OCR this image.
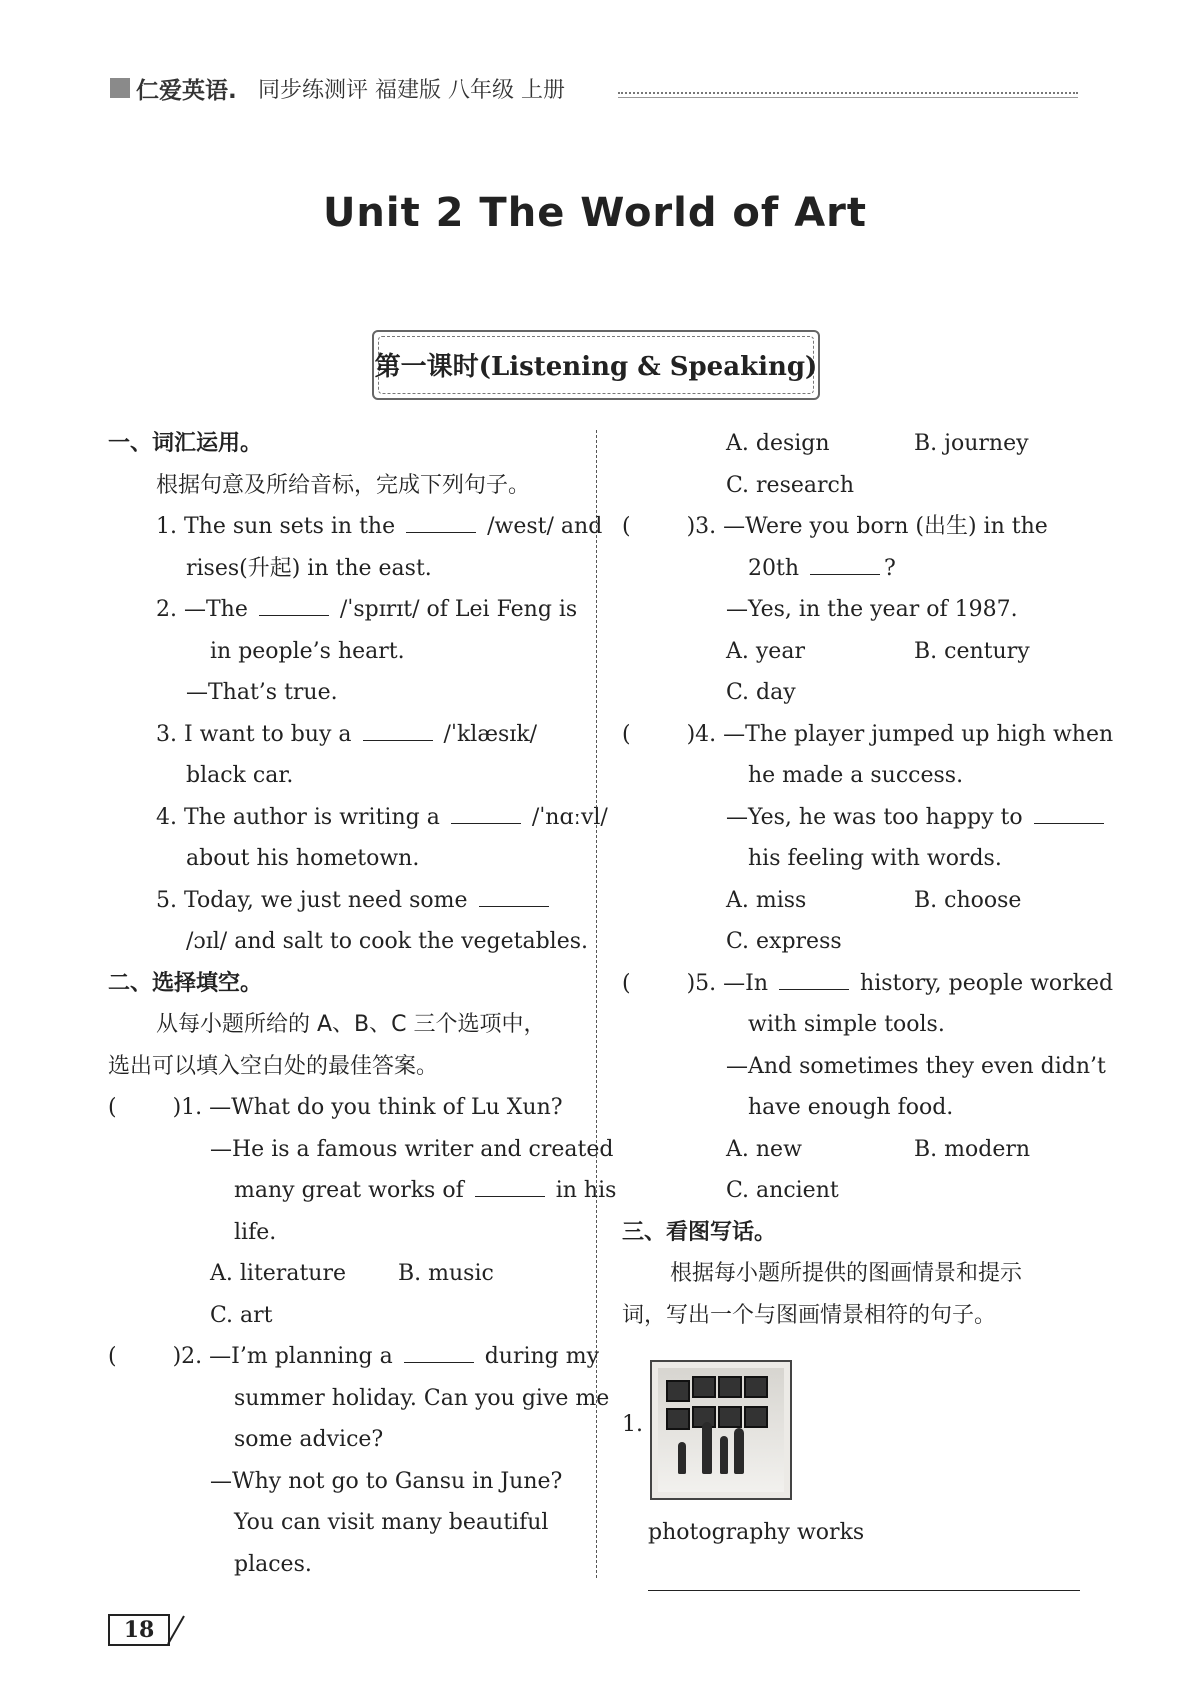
仁爱英语. 同步练测评 福建版 八年级 上册
Unit 2 The World of Art
第一课时(Listening & Speaking)
一、词汇运用。
根据句意及所给音标，完成下列句子。
1. The sun sets in the	/west/ and
rises(升起) in the east.
2. —The	/ˈspɪrɪt/ of Lei Feng is
in people’s heart.
—That’s true.
3. I want to buy a	/ˈklæsɪk/
black car.
4. The author is writing a	/ˈnɑːvl/
about his hometown.
5. Today, we just need some
/ɔɪl/ and salt to cook the vegetables.
二、选择填空。
从每小题所给的 A、B、C 三个选项中，
选出可以填入空白处的最佳答案。
(	)1. —What do you think of Lu Xun?
—He is a famous writer and created
many great works of	in his
life.
A. literature B. music
C. art
(	)2. —I’m planning a	during my
summer holiday. Can you give me
some advice?
—Why not go to Gansu in June?
You can visit many beautiful
places.
A. design	B. journey
C. research
(	)3. —Were you born (出生) in the
20th	?
—Yes, in the year of 1987.
A. year	B. century
C. day
(	)4. —The player jumped up high when
he made a success.
—Yes, he was too happy to
his feeling with words.
A. miss	B. choose
C. express
(	)5. —In	history, people worked
with simple tools.
—And sometimes they even didn’t
have enough food.
A. new	B. modern
C. ancient
三、看图写话。
根据每小题所提供的图画情景和提示
词，写出一个与图画情景相符的句子。
1.
photography works
18
